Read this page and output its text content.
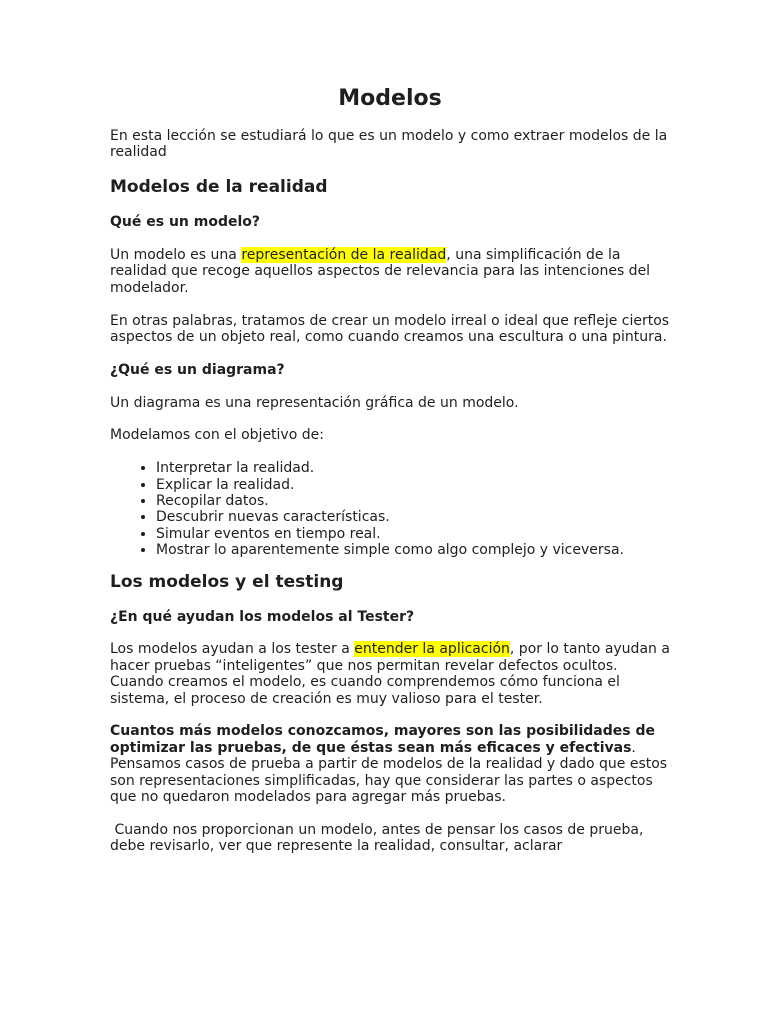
Modelos

En esta lección se estudiará lo que es un modelo y como extraer modelos de la realidad

Modelos de la realidad
Qué es un modelo?

Un modelo es una representación de la realidad, una simplificación de la realidad que recoge aquellos aspectos de relevancia para las intenciones del modelador.

En otras palabras, tratamos de crear un modelo irreal o ideal que refleje ciertos aspectos de un objeto real, como cuando creamos una escultura o una pintura.

¿Qué es un diagrama?

Un diagrama es una representación gráfica de un modelo.

Modelamos con el objetivo de:

• Interpretar la realidad.
• Explicar la realidad.
• Recopilar datos.
• Descubrir nuevas características.
• Simular eventos en tiempo real.
• Mostrar lo aparentemente simple como algo complejo y viceversa.
Los modelos y el testing
¿En qué ayudan los modelos al Tester?

Los modelos ayudan a los tester a entender la aplicación, por lo tanto ayudan a hacer pruebas “inteligentes” que nos permitan revelar defectos ocultos. Cuando creamos el modelo, es cuando comprendemos cómo funciona el sistema, el proceso de creación es muy valioso para el tester.

Cuantos más modelos conozcamos, mayores son las posibilidades de optimizar las pruebas, de que éstas sean más eficaces y efectivas. Pensamos casos de prueba a partir de modelos de la realidad y dado que estos son representaciones simplificadas, hay que considerar las partes o aspectos que no quedaron modelados para agregar más pruebas.

Cuando nos proporcionan un modelo, antes de pensar los casos de prueba, debe revisarlo, ver que represente la realidad, consultar, aclarar
